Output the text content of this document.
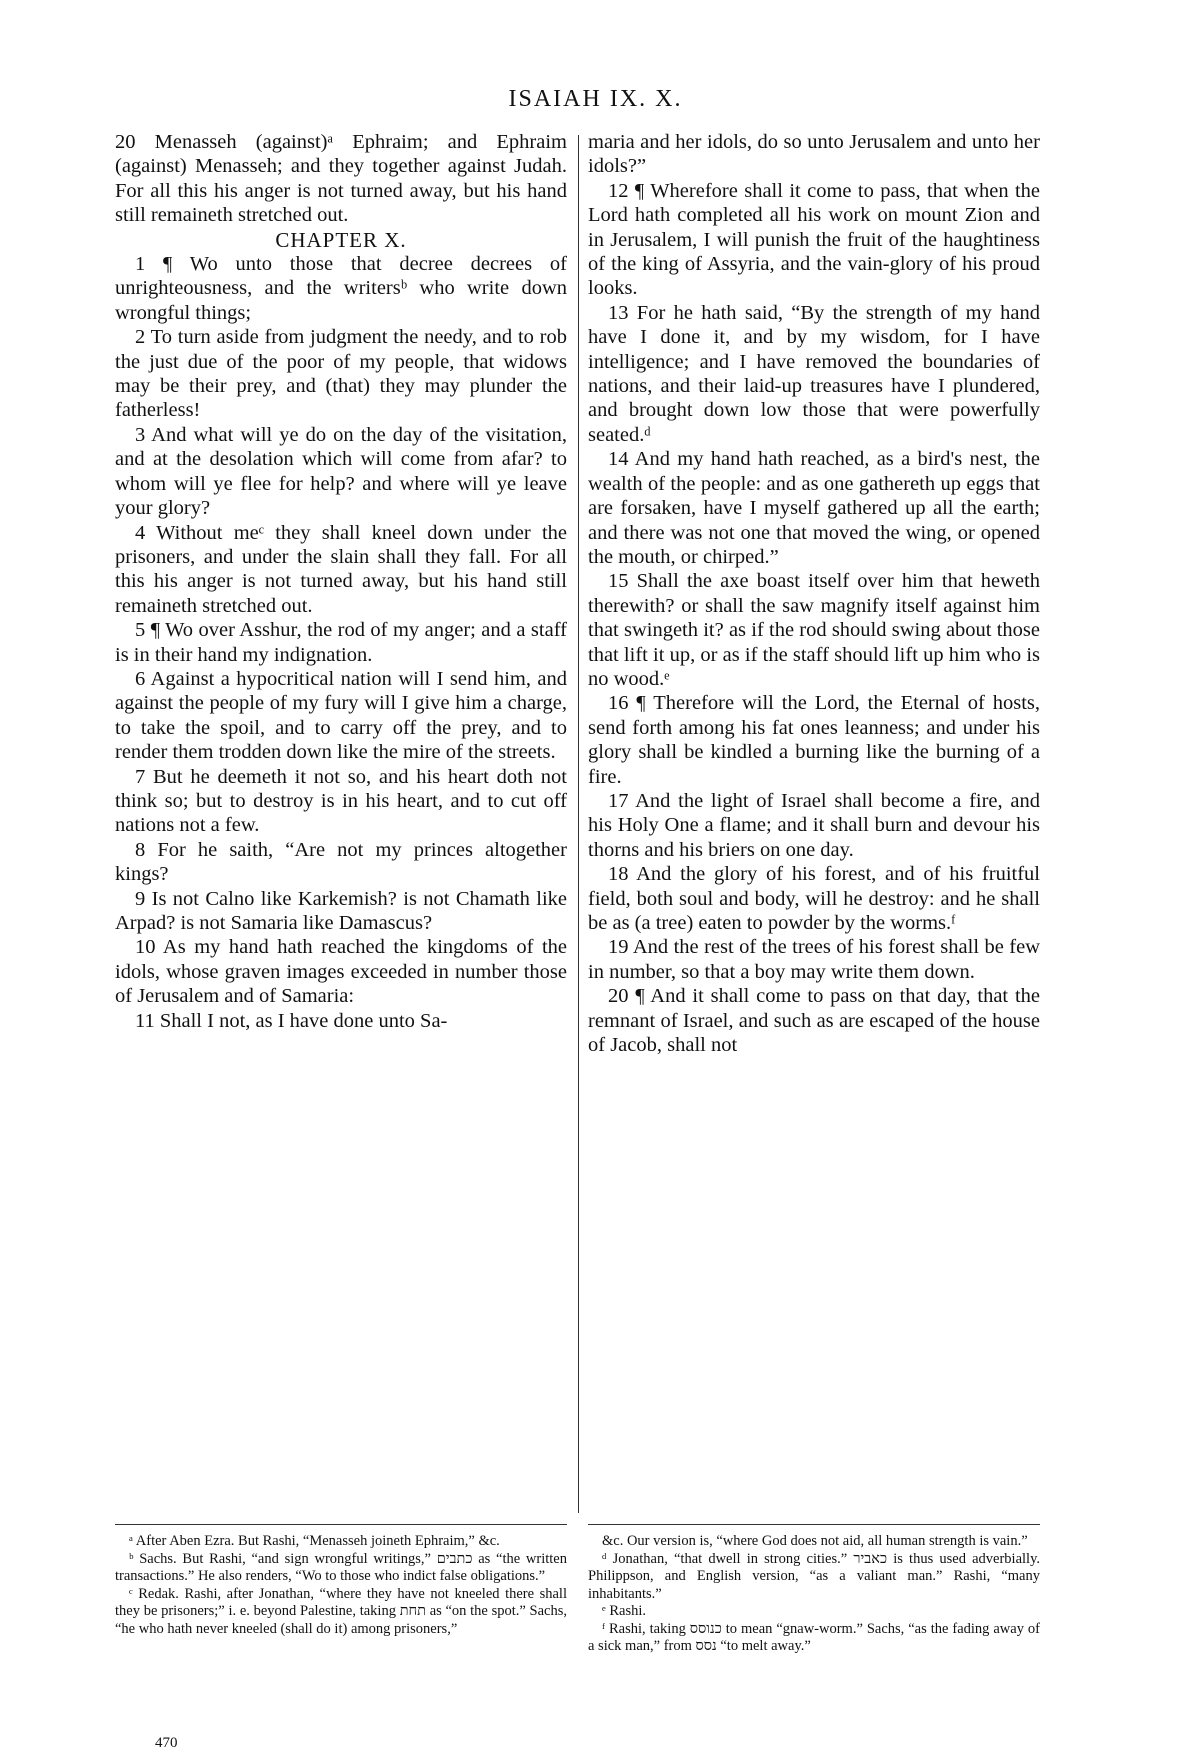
ISAIAH IX. X.

20 Menasseh (against)ᵃ Ephraim; and Ephraim (against) Menasseh; and they together against Judah. For all this his anger is not turned away, but his hand still remaineth stretched out.

CHAPTER X.

1 ¶ Wo unto those that decree decrees of unrighteousness, and the writersᵇ who write down wrongful things;

2 To turn aside from judgment the needy, and to rob the just due of the poor of my people, that widows may be their prey, and (that) they may plunder the fatherless!

3 And what will ye do on the day of the visitation, and at the desolation which will come from afar? to whom will ye flee for help? and where will ye leave your glory?

4 Without meᶜ they shall kneel down under the prisoners, and under the slain shall they fall. For all this his anger is not turned away, but his hand still remaineth stretched out.

5 ¶ Wo over Asshur, the rod of my anger; and a staff is in their hand my indignation.

6 Against a hypocritical nation will I send him, and against the people of my fury will I give him a charge, to take the spoil, and to carry off the prey, and to render them trodden down like the mire of the streets.

7 But he deemeth it not so, and his heart doth not think so; but to destroy is in his heart, and to cut off nations not a few.

8 For he saith, “Are not my princes altogether kings?

9 Is not Calno like Karkemish? is not Chamath like Arpad? is not Samaria like Damascus?

10 As my hand hath reached the kingdoms of the idols, whose graven images exceeded in number those of Jerusalem and of Samaria:

11 Shall I not, as I have done unto Sa-

maria and her idols, do so unto Jerusalem and unto her idols?”

12 ¶ Wherefore shall it come to pass, that when the Lord hath completed all his work on mount Zion and in Jerusalem, I will punish the fruit of the haughtiness of the king of Assyria, and the vain-glory of his proud looks.

13 For he hath said, “By the strength of my hand have I done it, and by my wisdom, for I have intelligence; and I have removed the boundaries of nations, and their laid-up treasures have I plundered, and brought down low those that were powerfully seated.ᵈ

14 And my hand hath reached, as a bird's nest, the wealth of the people: and as one gathereth up eggs that are forsaken, have I myself gathered up all the earth; and there was not one that moved the wing, or opened the mouth, or chirped.”

15 Shall the axe boast itself over him that heweth therewith? or shall the saw magnify itself against him that swingeth it? as if the rod should swing about those that lift it up, or as if the staff should lift up him who is no wood.ᵉ

16 ¶ Therefore will the Lord, the Eternal of hosts, send forth among his fat ones leanness; and under his glory shall be kindled a burning like the burning of a fire.

17 And the light of Israel shall become a fire, and his Holy One a flame; and it shall burn and devour his thorns and his briers on one day.

18 And the glory of his forest, and of his fruitful field, both soul and body, will he destroy: and he shall be as (a tree) eaten to powder by the worms.ᶠ

19 And the rest of the trees of his forest shall be few in number, so that a boy may write them down.

20 ¶ And it shall come to pass on that day, that the remnant of Israel, and such as are escaped of the house of Jacob, shall not

ᵃ After Aben Ezra. But Rashi, “Menasseh joineth Ephraim,” &c.

ᵇ Sachs. But Rashi, “and sign wrongful writings,” כתבים as “the written transactions.” He also renders, “Wo to those who indict false obligations.”

ᶜ Redak. Rashi, after Jonathan, “where they have not kneeled there shall they be prisoners;” i. e. beyond Palestine, taking תחת as “on the spot.” Sachs, “he who hath never kneeled (shall do it) among prisoners,”

&c. Our version is, “where God does not aid, all human strength is vain.”

ᵈ Jonathan, “that dwell in strong cities.” כאביר is thus used adverbially. Philippson, and English version, “as a valiant man.” Rashi, “many inhabitants.”

ᵉ Rashi.

ᶠ Rashi, taking כנוסס to mean “gnaw-worm.” Sachs, “as the fading away of a sick man,” from נסס “to melt away.”

470
